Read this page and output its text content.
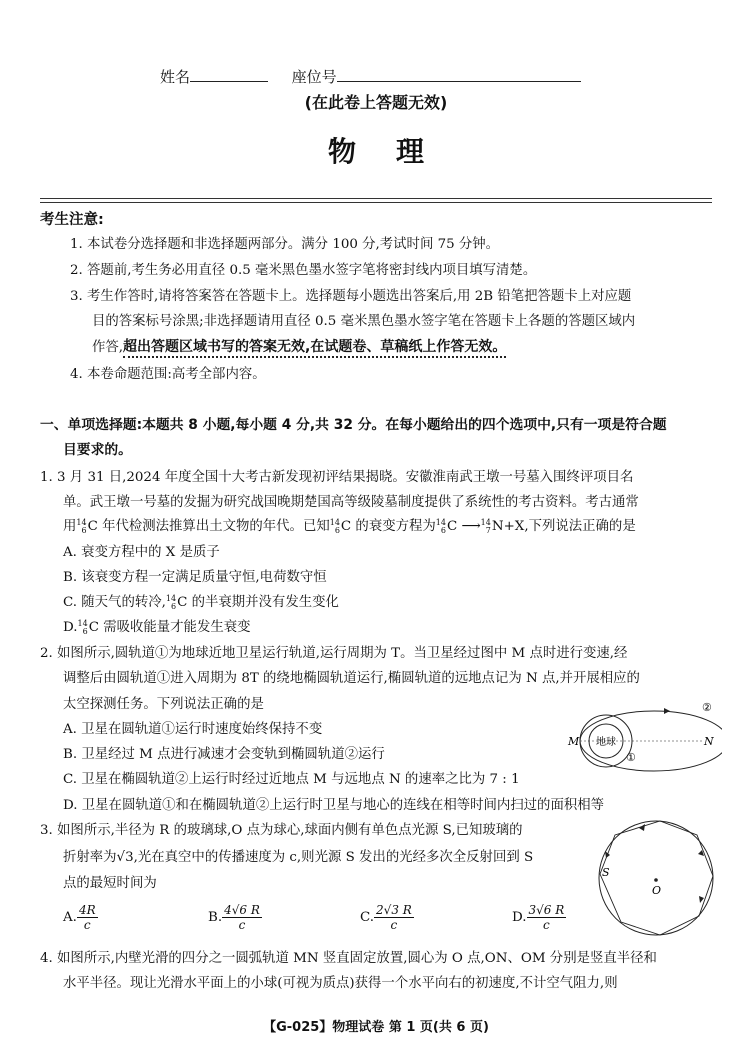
姓名	座位号
(在此卷上答题无效)
物理
考生注意:
1. 本试卷分选择题和非选择题两部分。满分 100 分,考试时间 75 分钟。
2. 答题前,考生务必用直径 0.5 毫米黑色墨水签字笔将密封线内项目填写清楚。
3. 考生作答时,请将答案答在答题卡上。选择题每小题选出答案后,用 2B 铅笔把答题卡上对应题
目的答案标号涂黑;非选择题请用直径 0.5 毫米黑色墨水签字笔在答题卡上各题的答题区域内
作答,超出答题区域书写的答案无效,在试题卷、草稿纸上作答无效。
4. 本卷命题范围:高考全部内容。
一、单项选择题:本题共 8 小题,每小题 4 分,共 32 分。在每小题给出的四个选项中,只有一项是符合题
目要求的。
1. 3 月 31 日,2024 年度全国十大考古新发现初评结果揭晓。安徽淮南武王墩一号墓入围终评项目名
单。武王墩一号墓的发掘为研究战国晚期楚国高等级陵墓制度提供了系统性的考古资料。考古通常
用 14
6 C 年代检测法推算出土文物的年代。已知 14
6 C 的衰变方程为 14
6 C ⟶ 14
7 N+X,下列说法正确的是
A. 衰变方程中的 X 是质子
B. 该衰变方程一定满足质量守恒,电荷数守恒
C. 随天气的转冷, 14
6 C 的半衰期并没有发生变化
D. 14
6 C 需吸收能量才能发生衰变
2. 如图所示,圆轨道①为地球近地卫星运行轨道,运行周期为 T。当卫星经过图中 M 点时进行变速,经
调整后由圆轨道①进入周期为 8T 的绕地椭圆轨道运行,椭圆轨道的远地点记为 N 点,并开展相应的
太空探测任务。下列说法正确的是
A. 卫星在圆轨道①运行时速度始终保持不变
B. 卫星经过 M 点进行减速才会变轨到椭圆轨道②运行
C. 卫星在椭圆轨道②上运行时经过近地点 M 与远地点 N 的速率之比为 7 : 1
D. 卫星在圆轨道①和在椭圆轨道②上运行时卫星与地心的连线在相等时间内扫过的面积相等
地球
M	N
①
②
3. 如图所示,半径为 R 的玻璃球,O 点为球心,球面内侧有单色点光源 S,已知玻璃的
折射率为√3,光在真空中的传播速度为 c,则光源 S 发出的光经多次全反射回到 S
点的最短时间为
A. $\frac{4R}{c}$	B. $\frac{4√6 R}{c}$	C. $\frac{2√3 R}{c}$	D. $\frac{3√6 R}{c}$
O
S
4. 如图所示,内壁光滑的四分之一圆弧轨道 MN 竖直固定放置,圆心为 O 点,ON、OM 分别是竖直半径和
水平半径。现让光滑水平面上的小球(可视为质点)获得一个水平向右的初速度,不计空气阻力,则
【G-025】物理试卷 第 1 页(共 6 页)
